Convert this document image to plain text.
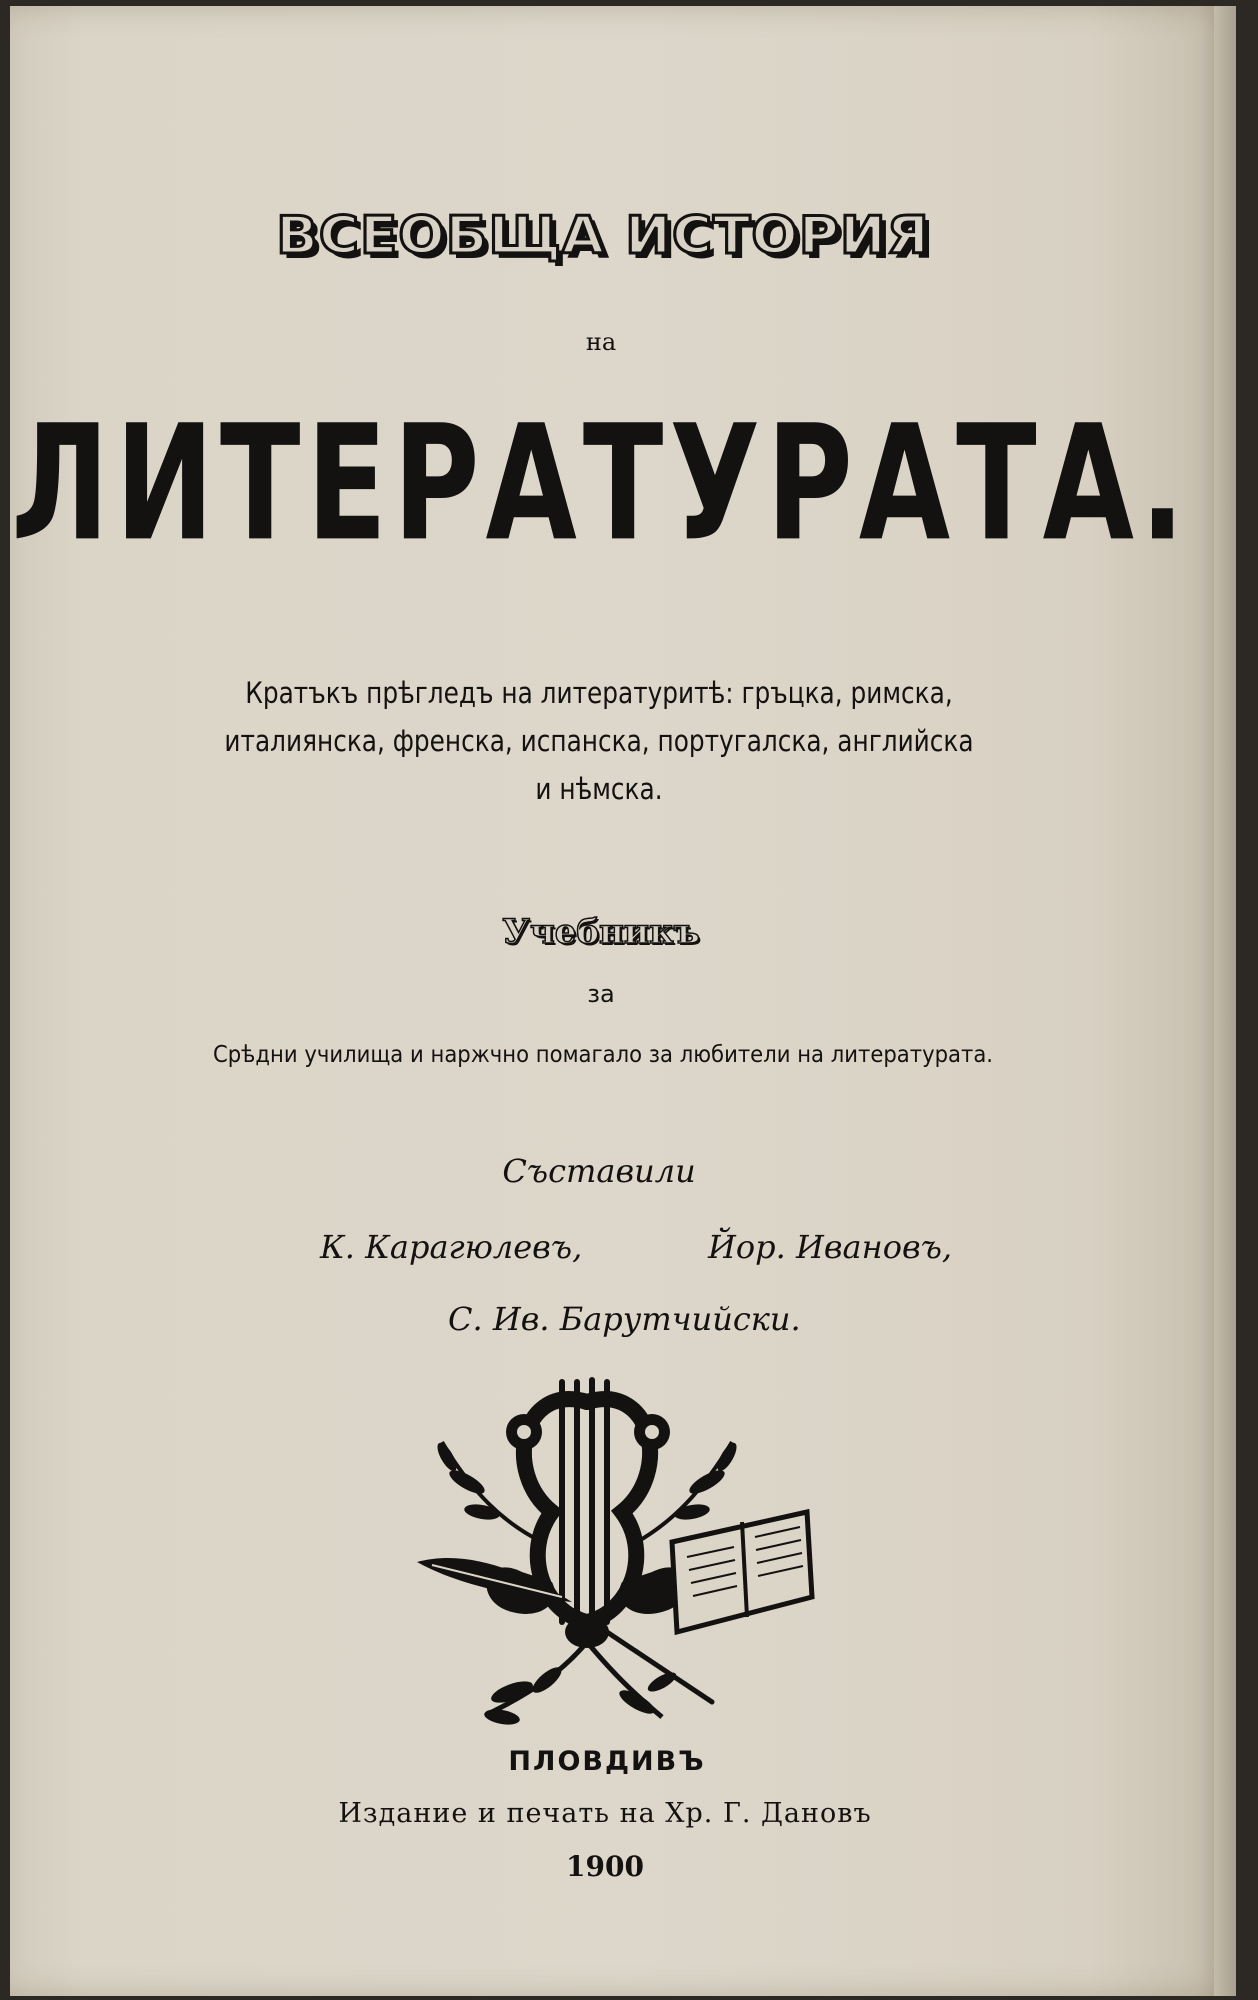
ВСЕОБЩА ИСТОРИЯ
на
ЛИТЕРАТУРАТА.
Кратъкъ прѣгледъ на литературитѣ: гръцка, римска,
италиянска, френска, испанска, португалска, английска
и нѣмска.
Учебникъ
за
Срѣдни училища и наржчно помагало за любители на литературата.
Съставили
К. Карагюлевъ,	Йор. Ивановъ,
С. Ив. Барутчийски.
ПЛОВДИВЪ
Издание и печать на Хр. Г. Дановъ
1900
